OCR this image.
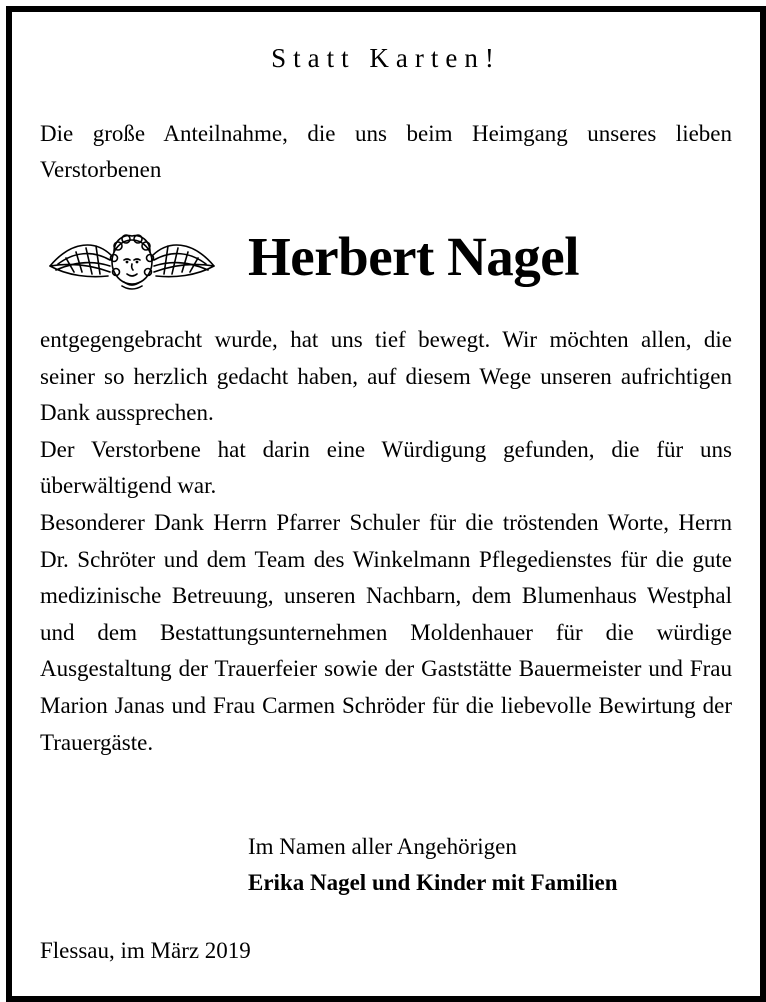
Statt Karten!
Die große Anteilnahme, die uns beim Heimgang unseres lieben Verstorbenen
Herbert Nagel

entgegengebracht wurde, hat uns tief bewegt. Wir möchten allen, die seiner so herzlich gedacht haben, auf diesem Wege unseren aufrichtigen Dank aussprechen.

Der Verstorbene hat darin eine Würdigung gefunden, die für uns überwältigend war.

Besonderer Dank Herrn Pfarrer Schuler für die tröstenden Worte, Herrn Dr. Schröter und dem Team des Winkelmann Pflegedienstes für die gute medizinische Betreuung, unseren Nachbarn, dem Blumenhaus Westphal und dem Bestattungsunternehmen Moldenhauer für die würdige Ausgestaltung der Trauerfeier sowie der Gaststätte Bauermeister und Frau Marion Janas und Frau Carmen Schröder für die liebevolle Bewirtung der Trauergäste.

Im Namen aller Angehörigen
Erika Nagel und Kinder mit Familien
Flessau, im März 2019
